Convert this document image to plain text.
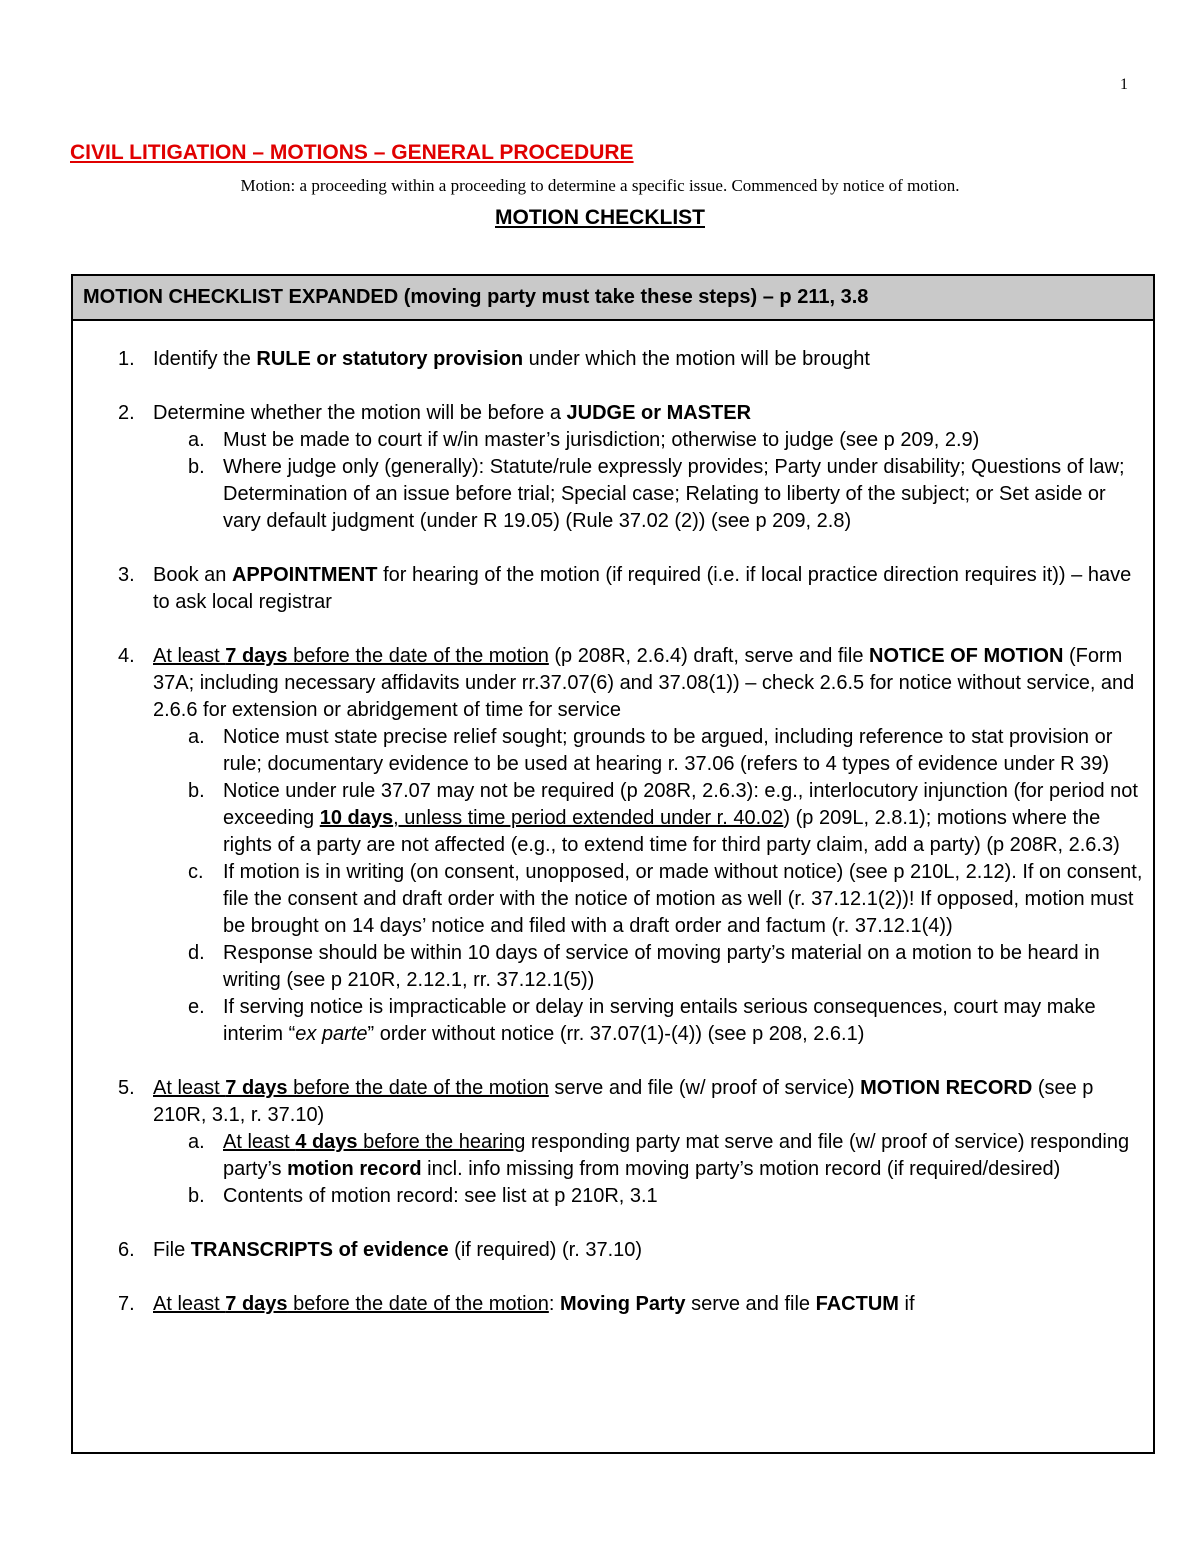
1
CIVIL LITIGATION – MOTIONS – GENERAL PROCEDURE
Motion: a proceeding within a proceeding to determine a specific issue. Commenced by notice of motion.
MOTION CHECKLIST
MOTION CHECKLIST EXPANDED (moving party must take these steps) – p 211, 3.8
1. Identify the RULE or statutory provision under which the motion will be brought
2. Determine whether the motion will be before a JUDGE or MASTER
a. Must be made to court if w/in master’s jurisdiction; otherwise to judge (see p 209, 2.9)
b. Where judge only (generally): Statute/rule expressly provides; Party under disability; Questions of law; Determination of an issue before trial; Special case; Relating to liberty of the subject; or Set aside or vary default judgment (under R 19.05) (Rule 37.02 (2)) (see p 209, 2.8)
3. Book an APPOINTMENT for hearing of the motion (if required (i.e. if local practice direction requires it)) – have to ask local registrar
4. At least 7 days before the date of the motion (p 208R, 2.6.4) draft, serve and file NOTICE OF MOTION (Form 37A; including necessary affidavits under rr.37.07(6) and 37.08(1)) – check 2.6.5 for notice without service, and 2.6.6 for extension or abridgement of time for service
a. Notice must state precise relief sought; grounds to be argued, including reference to stat provision or rule; documentary evidence to be used at hearing r. 37.06 (refers to 4 types of evidence under R 39)
b. Notice under rule 37.07 may not be required (p 208R, 2.6.3): e.g., interlocutory injunction (for period not exceeding 10 days, unless time period extended under r. 40.02) (p 209L, 2.8.1); motions where the rights of a party are not affected (e.g., to extend time for third party claim, add a party) (p 208R, 2.6.3)
c. If motion is in writing (on consent, unopposed, or made without notice) (see p 210L, 2.12). If on consent, file the consent and draft order with the notice of motion as well (r. 37.12.1(2))! If opposed, motion must be brought on 14 days’ notice and filed with a draft order and factum (r. 37.12.1(4))
d. Response should be within 10 days of service of moving party’s material on a motion to be heard in writing (see p 210R, 2.12.1, rr. 37.12.1(5))
e. If serving notice is impracticable or delay in serving entails serious consequences, court may make interim “ex parte” order without notice (rr. 37.07(1)-(4)) (see p 208, 2.6.1)
5. At least 7 days before the date of the motion serve and file (w/ proof of service) MOTION RECORD (see p 210R, 3.1, r. 37.10)
a. At least 4 days before the hearing responding party mat serve and file (w/ proof of service) responding party’s motion record incl. info missing from moving party’s motion record (if required/desired)
b. Contents of motion record: see list at p 210R, 3.1
6. File TRANSCRIPTS of evidence (if required) (r. 37.10)
7. At least 7 days before the date of the motion: Moving Party serve and file FACTUM if
